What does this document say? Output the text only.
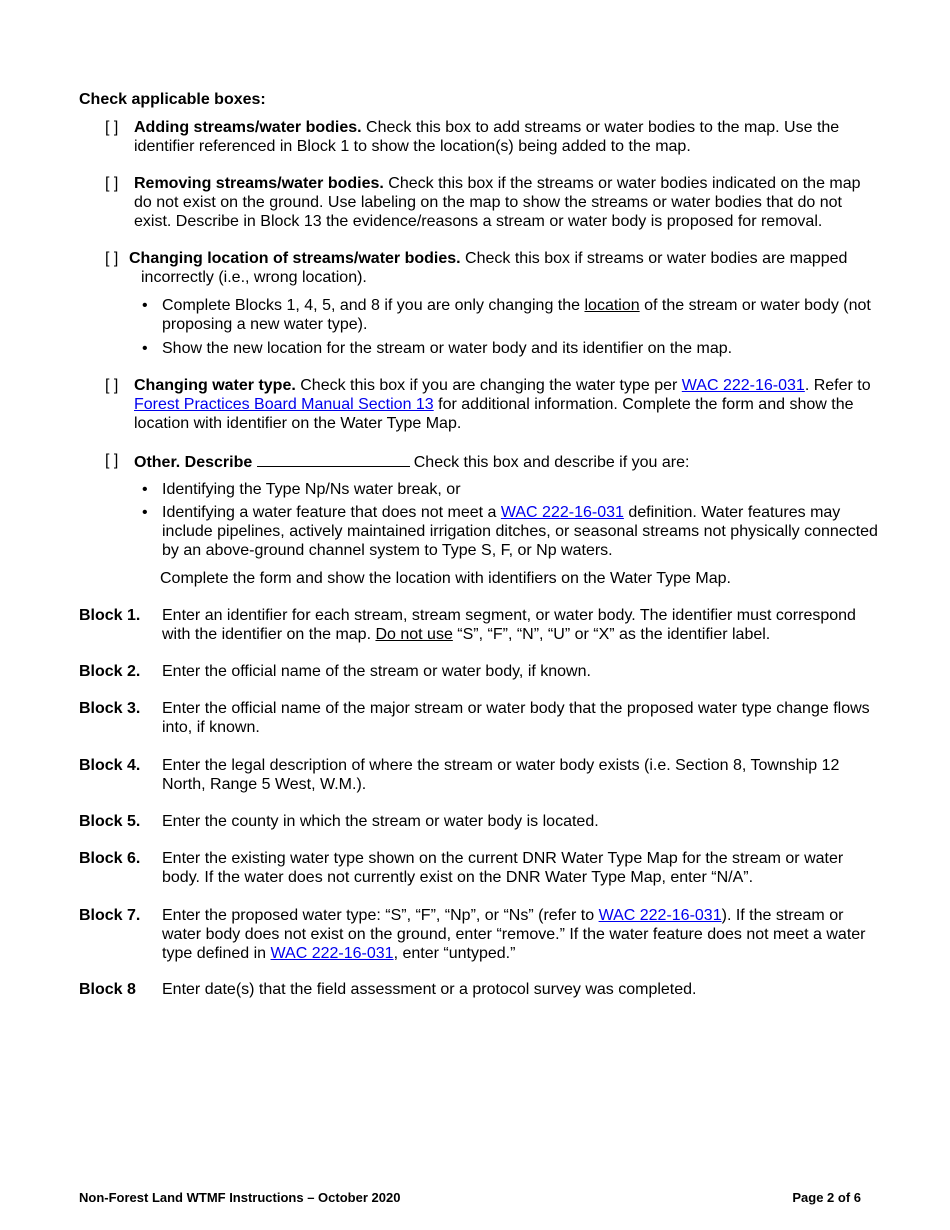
Check applicable boxes:
[ ] Adding streams/water bodies. Check this box to add streams or water bodies to the map. Use the identifier referenced in Block 1 to show the location(s) being added to the map.
[ ] Removing streams/water bodies. Check this box if the streams or water bodies indicated on the map do not exist on the ground. Use labeling on the map to show the streams or water bodies that do not exist. Describe in Block 13 the evidence/reasons a stream or water body is proposed for removal.
[ ] Changing location of streams/water bodies. Check this box if streams or water bodies are mapped
incorrectly (i.e., wrong location).
• Complete Blocks 1, 4, 5, and 8 if you are only changing the location of the stream or water body (not proposing a new water type).
• Show the new location for the stream or water body and its identifier on the map.
[ ] Changing water type. Check this box if you are changing the water type per WAC 222-16-031. Refer to Forest Practices Board Manual Section 13 for additional information. Complete the form and show the location with identifier on the Water Type Map.
[ ] Other. Describe	Check this box and describe if you are:
• Identifying the Type Np/Ns water break, or
• Identifying a water feature that does not meet a WAC 222-16-031 definition. Water features may include pipelines, actively maintained irrigation ditches, or seasonal streams not physically connected by an above-ground channel system to Type S, F, or Np waters.
Complete the form and show the location with identifiers on the Water Type Map.
Block 1. Enter an identifier for each stream, stream segment, or water body. The identifier must correspond with the identifier on the map. Do not use “S”, “F”, “N”, “U” or “X” as the identifier label.
Block 2. Enter the official name of the stream or water body, if known.
Block 3. Enter the official name of the major stream or water body that the proposed water type change flows into, if known.
Block 4. Enter the legal description of where the stream or water body exists (i.e. Section 8, Township 12 North, Range 5 West, W.M.).
Block 5. Enter the county in which the stream or water body is located.
Block 6. Enter the existing water type shown on the current DNR Water Type Map for the stream or water body. If the water does not currently exist on the DNR Water Type Map, enter “N/A”.
Block 7. Enter the proposed water type: “S”, “F”, “Np”, or “Ns” (refer to WAC 222-16-031). If the stream or water body does not exist on the ground, enter “remove.” If the water feature does not meet a water type defined in WAC 222-16-031, enter “untyped.”
Block 8 Enter date(s) that the field assessment or a protocol survey was completed.
Non-Forest Land WTMF Instructions – October 2020	Page 2 of 6
